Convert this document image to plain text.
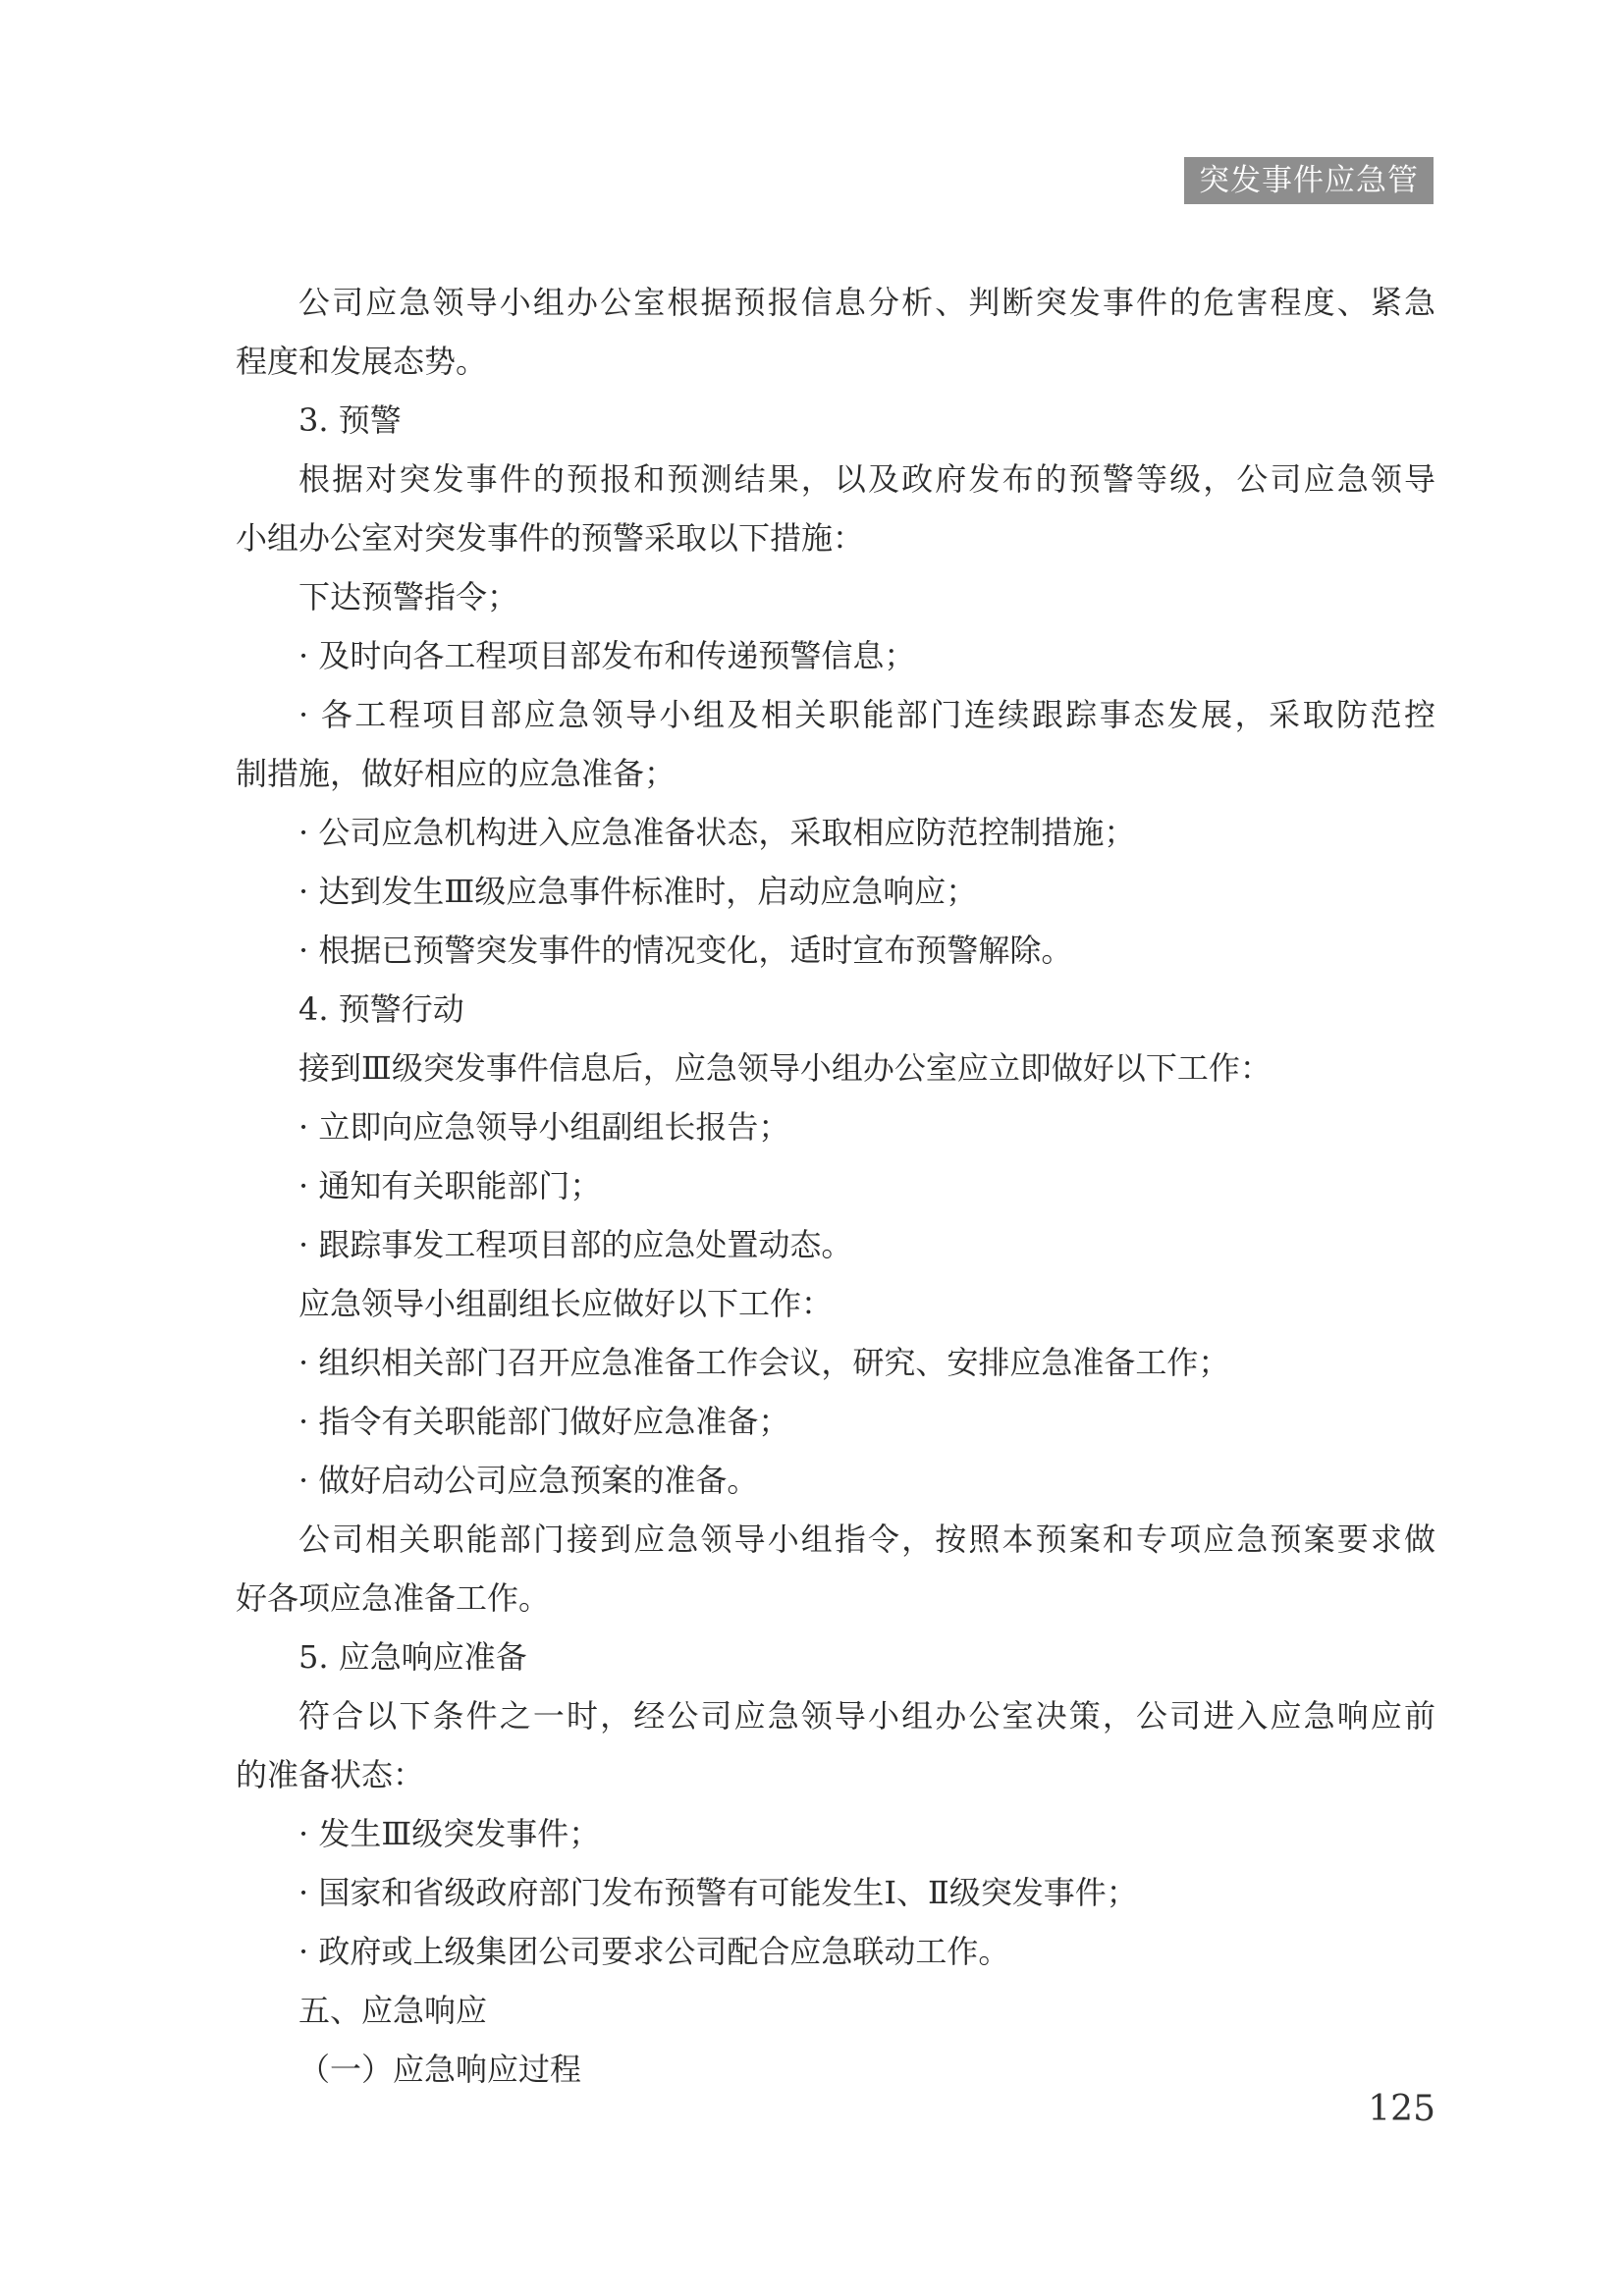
突发事件应急管理
公司应急领导小组办公室根据预报信息分析、判断突发事件的危害程度、紧急
程度和发展态势。
3. 预警
根据对突发事件的预报和预测结果，以及政府发布的预警等级，公司应急领导
小组办公室对突发事件的预警采取以下措施：
下达预警指令；
· 及时向各工程项目部发布和传递预警信息；
· 各工程项目部应急领导小组及相关职能部门连续跟踪事态发展，采取防范控
制措施，做好相应的应急准备；
· 公司应急机构进入应急准备状态，采取相应防范控制措施；
· 达到发生Ⅲ级应急事件标准时，启动应急响应；
· 根据已预警突发事件的情况变化，适时宣布预警解除。
4. 预警行动
接到Ⅲ级突发事件信息后，应急领导小组办公室应立即做好以下工作：
· 立即向应急领导小组副组长报告；
· 通知有关职能部门；
· 跟踪事发工程项目部的应急处置动态。
应急领导小组副组长应做好以下工作：
· 组织相关部门召开应急准备工作会议，研究、安排应急准备工作；
· 指令有关职能部门做好应急准备；
· 做好启动公司应急预案的准备。
公司相关职能部门接到应急领导小组指令，按照本预案和专项应急预案要求做
好各项应急准备工作。
5. 应急响应准备
符合以下条件之一时，经公司应急领导小组办公室决策，公司进入应急响应前
的准备状态：
· 发生Ⅲ级突发事件；
· 国家和省级政府部门发布预警有可能发生Ⅰ、Ⅱ级突发事件；
· 政府或上级集团公司要求公司配合应急联动工作。
五、应急响应
（一）应急响应过程
125
